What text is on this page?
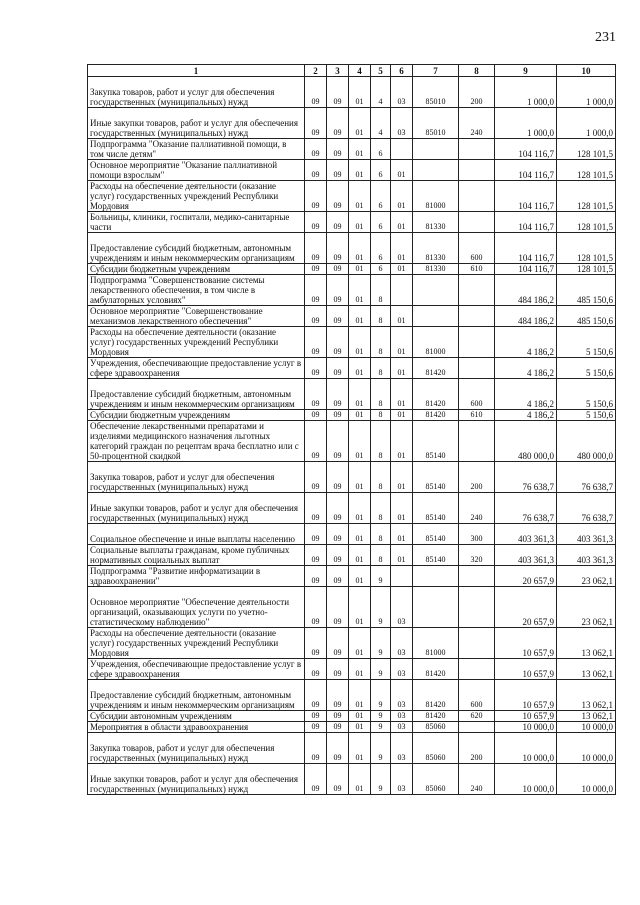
231
1	2	3	4	5	6	7	8	9	10
Закупка товаров, работ и услуг для обеспечения государственных (муниципальных) нужд	09	09	01	4	03	85010	200	1 000,0	1 000,0
Иные закупки товаров, работ и услуг для обеспечения государственных (муниципальных) нужд	09	09	01	4	03	85010	240	1 000,0	1 000,0
Подпрограмма "Оказание паллиативной помощи, в том числе детям"	09	09	01	6				104 116,7	128 101,5
Основное мероприятие "Оказание паллиативной помощи взрослым"	09	09	01	6	01			104 116,7	128 101,5
Расходы на обеспечение деятельности (оказание услуг) государственных учреждений Республики Мордовия	09	09	01	6	01	81000		104 116,7	128 101,5
Больницы, клиники, госпитали, медико-санитарные части	09	09	01	6	01	81330		104 116,7	128 101,5
Предоставление субсидий бюджетным, автономным учреждениям и иным некоммерческим организациям	09	09	01	6	01	81330	600	104 116,7	128 101,5
Субсидии бюджетным учреждениям	09	09	01	6	01	81330	610	104 116,7	128 101,5
Подпрограмма "Совершенствование системы лекарственного обеспечения, в том числе в амбулаторных условиях"	09	09	01	8				484 186,2	485 150,6
Основное мероприятие "Совершенствование механизмов лекарственного обеспечения"	09	09	01	8	01			484 186,2	485 150,6
Расходы на обеспечение деятельности (оказание услуг) государственных учреждений Республики Мордовия	09	09	01	8	01	81000		4 186,2	5 150,6
Учреждения, обеспечивающие предоставление услуг в сфере здравоохранения	09	09	01	8	01	81420		4 186,2	5 150,6
Предоставление субсидий бюджетным, автономным учреждениям и иным некоммерческим организациям	09	09	01	8	01	81420	600	4 186,2	5 150,6
Субсидии бюджетным учреждениям	09	09	01	8	01	81420	610	4 186,2	5 150,6
Обеспечение лекарственными препаратами и изделиями медицинского назначения льготных категорий граждан по рецептам врача бесплатно или с 50-процентной скидкой	09	09	01	8	01	85140		480 000,0	480 000,0
Закупка товаров, работ и услуг для обеспечения государственных (муниципальных) нужд	09	09	01	8	01	85140	200	76 638,7	76 638,7
Иные закупки товаров, работ и услуг для обеспечения государственных (муниципальных) нужд	09	09	01	8	01	85140	240	76 638,7	76 638,7
Социальное обеспечение и иные выплаты населению	09	09	01	8	01	85140	300	403 361,3	403 361,3
Социальные выплаты гражданам, кроме публичных нормативных социальных выплат	09	09	01	8	01	85140	320	403 361,3	403 361,3
Подпрограмма "Развитие информатизации в здравоохранении"	09	09	01	9				20 657,9	23 062,1
Основное мероприятие "Обеспечение деятельности организаций, оказывающих услуги по учетно-статистическому наблюдению"	09	09	01	9	03			20 657,9	23 062,1
Расходы на обеспечение деятельности (оказание услуг) государственных учреждений Республики Мордовия	09	09	01	9	03	81000		10 657,9	13 062,1
Учреждения, обеспечивающие предоставление услуг в сфере здравоохранения	09	09	01	9	03	81420		10 657,9	13 062,1
Предоставление субсидий бюджетным, автономным учреждениям и иным некоммерческим организациям	09	09	01	9	03	81420	600	10 657,9	13 062,1
Субсидии автономным учреждениям	09	09	01	9	03	81420	620	10 657,9	13 062,1
Мероприятия в области здравоохранения	09	09	01	9	03	85060		10 000,0	10 000,0
Закупка товаров, работ и услуг для обеспечения государственных (муниципальных) нужд	09	09	01	9	03	85060	200	10 000,0	10 000,0
Иные закупки товаров, работ и услуг для обеспечения государственных (муниципальных) нужд	09	09	01	9	03	85060	240	10 000,0	10 000,0
